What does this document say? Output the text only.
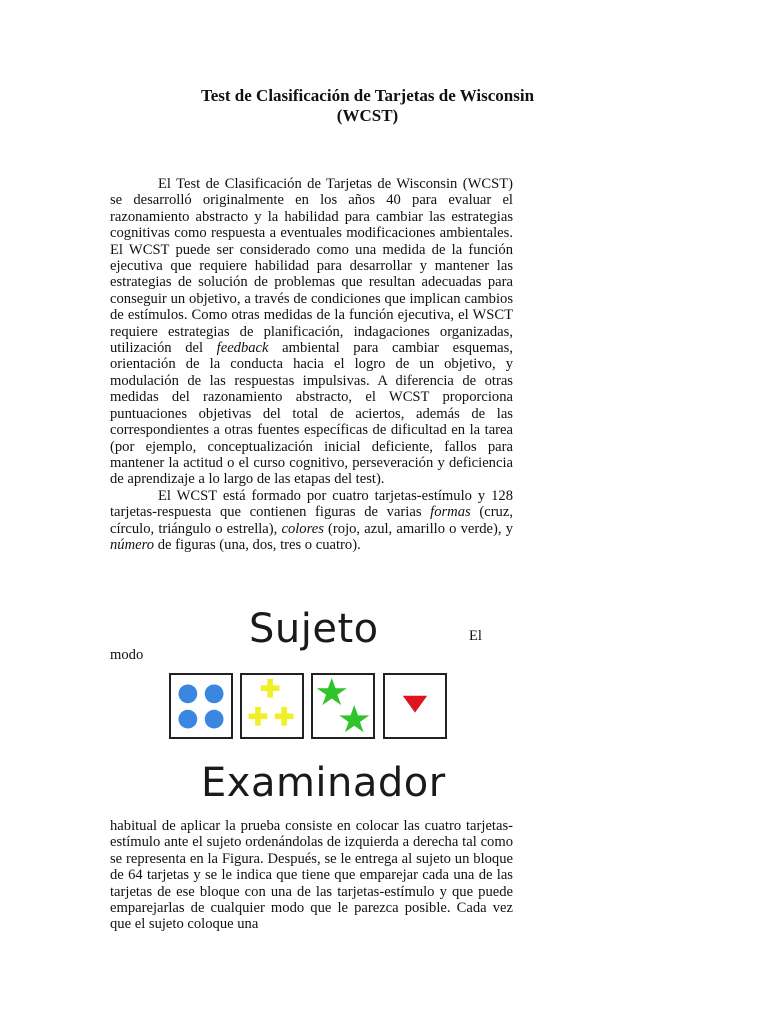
Test de Clasificación de Tarjetas de Wisconsin
(WCST)

El Test de Clasificación de Tarjetas de Wisconsin (WCST) se desarrolló originalmente en los años 40 para evaluar el razonamiento abstracto y la habilidad para cambiar las estrategias cognitivas como respuesta a eventuales modificaciones ambientales. El WCST puede ser considerado como una medida de la función ejecutiva que requiere habilidad para desarrollar y mantener las estrategias de solución de problemas que resultan adecuadas para conseguir un objetivo, a través de condiciones que implican cambios de estímulos. Como otras medidas de la función ejecutiva, el WSCT requiere estrategias de planificación, indagaciones organizadas, utilización del feedback ambiental para cambiar esquemas, orientación de la conducta hacia el logro de un objetivo, y modulación de las respuestas impulsivas. A diferencia de otras medidas del razonamiento abstracto, el WCST proporciona puntuaciones objetivas del total de aciertos, además de las correspondientes a otras fuentes específicas de dificultad en la tarea (por ejemplo, conceptualización inicial deficiente, fallos para mantener la actitud o el curso cognitivo, perseveración y deficiencia de aprendizaje a lo largo de las etapas del test).

El WCST está formado por cuatro tarjetas-estímulo y 128 tarjetas-respuesta que contienen figuras de varias formas (cruz, círculo, triángulo o estrella), colores (rojo, azul, amarillo o verde), y número de figuras (una, dos, tres o cuatro).

El
modo
Sujeto
Examinador

habitual de aplicar la prueba consiste en colocar las cuatro tarjetas-estímulo ante el sujeto ordenándolas de izquierda a derecha tal como se representa en la Figura. Después, se le entrega al sujeto un bloque de 64 tarjetas y se le indica que tiene que emparejar cada una de las tarjetas de ese bloque con una de las tarjetas-estímulo y que puede emparejarlas de cualquier modo que le parezca posible. Cada vez que el sujeto coloque una
